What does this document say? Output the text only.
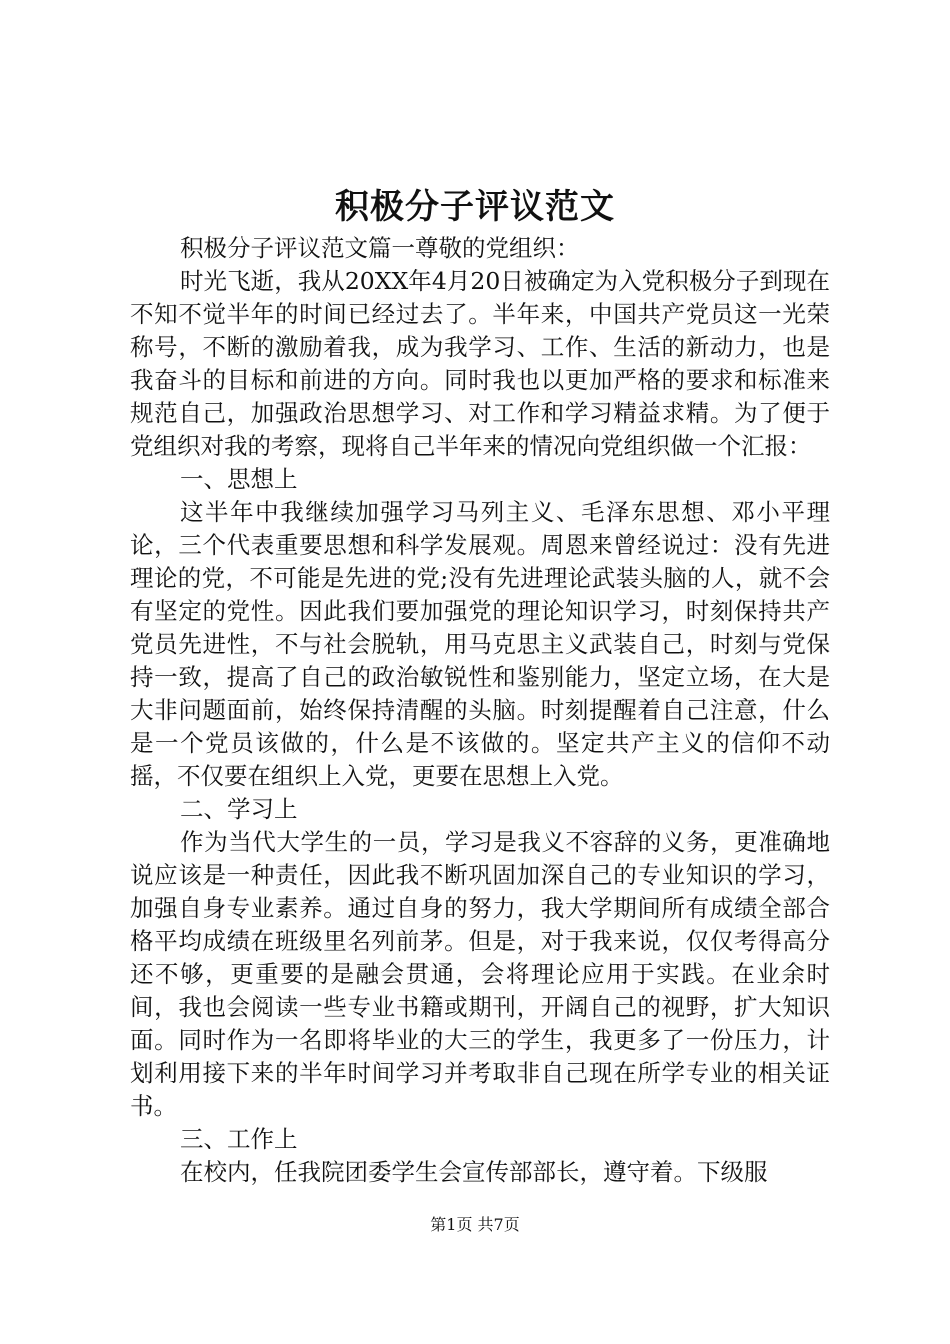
积极分子评议范文

积极分子评议范文篇一尊敬的党组织：

时光飞逝，我从20XX年4月20日被确定为入党积极分子到现在不知不觉半年的时间已经过去了。半年来，中国共产党员这一光荣称号，不断的激励着我，成为我学习、工作、生活的新动力，也是我奋斗的目标和前进的方向。同时我也以更加严格的要求和标准来规范自己，加强政治思想学习、对工作和学习精益求精。为了便于党组织对我的考察，现将自己半年来的情况向党组织做一个汇报：

一、思想上

这半年中我继续加强学习马列主义、毛泽东思想、邓小平理论，三个代表重要思想和科学发展观。周恩来曾经说过：没有先进理论的党，不可能是先进的党;没有先进理论武装头脑的人，就不会有坚定的党性。因此我们要加强党的理论知识学习，时刻保持共产党员先进性，不与社会脱轨，用马克思主义武装自己，时刻与党保持一致，提高了自己的政治敏锐性和鉴别能力，坚定立场，在大是大非问题面前，始终保持清醒的头脑。时刻提醒着自己注意，什么是一个党员该做的，什么是不该做的。坚定共产主义的信仰不动摇，不仅要在组织上入党，更要在思想上入党。

二、学习上

作为当代大学生的一员，学习是我义不容辞的义务，更准确地说应该是一种责任，因此我不断巩固加深自己的专业知识的学习，加强自身专业素养。通过自身的努力，我大学期间所有成绩全部合格平均成绩在班级里名列前茅。但是，对于我来说，仅仅考得高分还不够，更重要的是融会贯通，会将理论应用于实践。在业余时间，我也会阅读一些专业书籍或期刊，开阔自己的视野，扩大知识面。同时作为一名即将毕业的大三的学生，我更多了一份压力，计划利用接下来的半年时间学习并考取非自己现在所学专业的相关证书。

三、工作上

在校内，任我院团委学生会宣传部部长，遵守着。下级服

第1页 共7页
